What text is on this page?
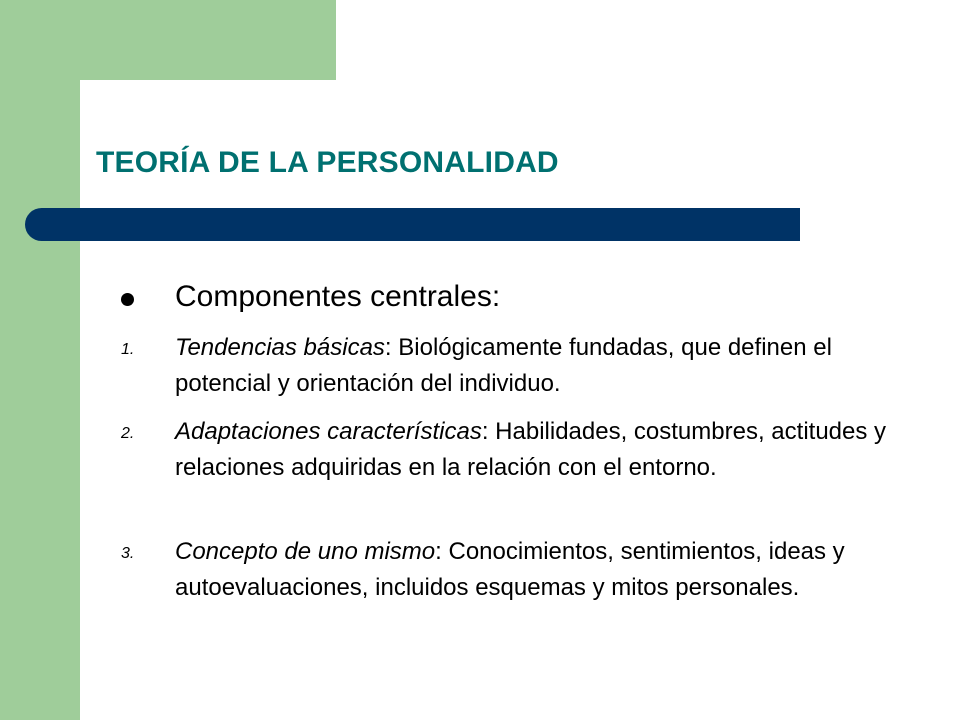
TEORÍA DE LA PERSONALIDAD
Componentes centrales:
1. Tendencias básicas: Biológicamente fundadas, que definen el potencial y orientación del individuo.

2. Adaptaciones características: Habilidades, costumbres, actitudes y relaciones adquiridas en la relación con el entorno.

3. Concepto de uno mismo: Conocimientos, sentimientos, ideas y autoevaluaciones, incluidos esquemas y mitos personales.
